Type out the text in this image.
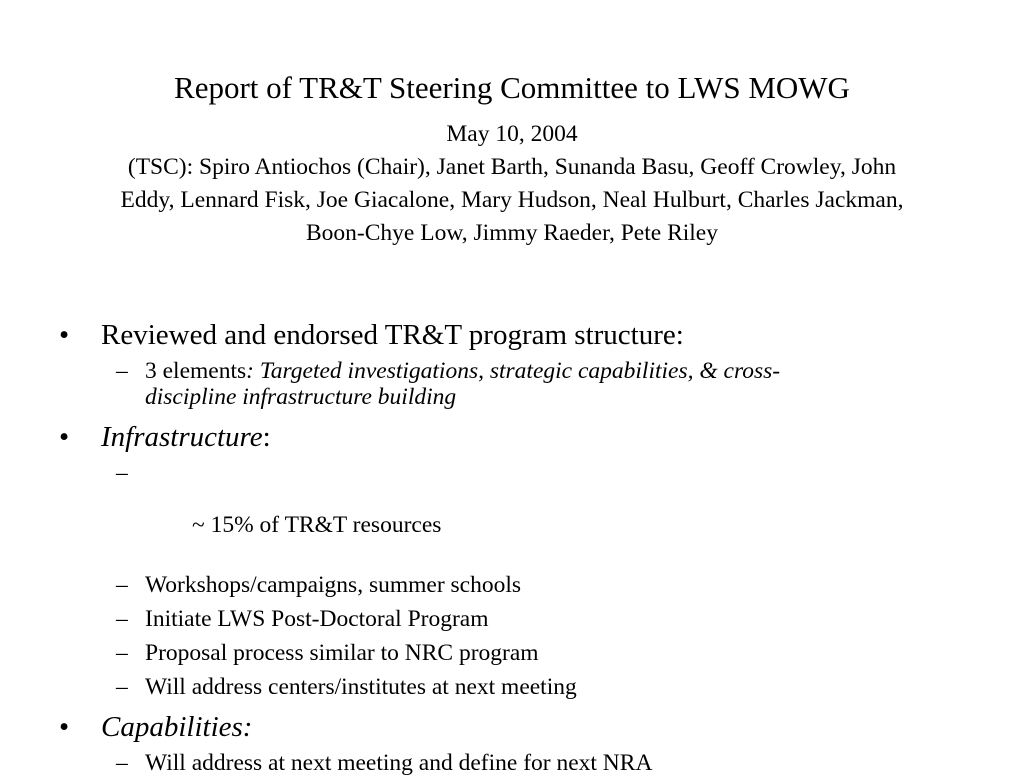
Report of TR&T Steering Committee to LWS MOWG
May 10, 2004
(TSC): Spiro Antiochos (Chair), Janet Barth, Sunanda Basu, Geoff Crowley, John
Eddy, Lennard Fisk, Joe Giacalone, Mary Hudson, Neal Hulburt, Charles Jackman,
Boon-Chye Low, Jimmy Raeder, Pete Riley
•	Reviewed and endorsed TR&T program structure:
– 3 elements: Targeted investigations, strategic capabilities, & cross-
discipline infrastructure building
•	Infrastructure:

–

~ 15% of TR&T resources

– Workshops/campaigns, summer schools
– Initiate LWS Post-Doctoral Program
– Proposal process similar to NRC program
– Will address centers/institutes at next meeting
•	Capabilities:
– Will address at next meeting and define for next NRA
